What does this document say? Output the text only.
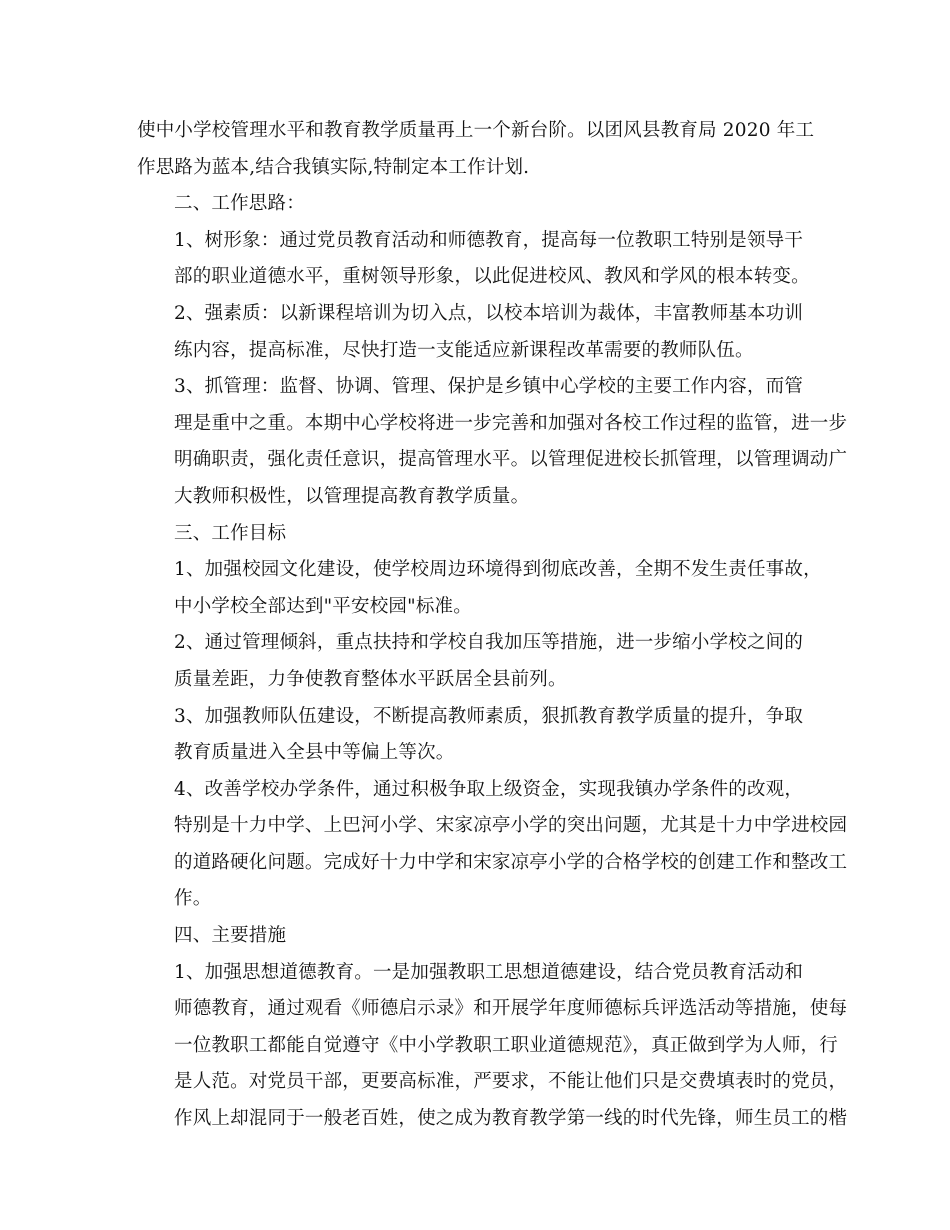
使中小学校管理水平和教育教学质量再上一个新台阶。以团风县教育局 2020 年工
作思路为蓝本,结合我镇实际,特制定本工作计划.

二、工作思路：

1、树形象：通过党员教育活动和师德教育，提高每一位教职工特别是领导干
部的职业道德水平，重树领导形象，以此促进校风、教风和学风的根本转变。

2、强素质：以新课程培训为切入点，以校本培训为裁体，丰富教师基本功训
练内容，提高标准，尽快打造一支能适应新课程改革需要的教师队伍。

3、抓管理：监督、协调、管理、保护是乡镇中心学校的主要工作内容，而管
理是重中之重。本期中心学校将进一步完善和加强对各校工作过程的监管，进一步
明确职责，强化责任意识，提高管理水平。以管理促进校长抓管理，以管理调动广
大教师积极性，以管理提高教育教学质量。

三、工作目标

1、加强校园文化建设，使学校周边环境得到彻底改善，全期不发生责任事故，
中小学校全部达到"平安校园"标准。

2、通过管理倾斜，重点扶持和学校自我加压等措施，进一步缩小学校之间的
质量差距，力争使教育整体水平跃居全县前列。

3、加强教师队伍建设，不断提高教师素质，狠抓教育教学质量的提升，争取
教育质量进入全县中等偏上等次。

4、改善学校办学条件，通过积极争取上级资金，实现我镇办学条件的改观，
特别是十力中学、上巴河小学、宋家凉亭小学的突出问题，尤其是十力中学进校园
的道路硬化问题。完成好十力中学和宋家凉亭小学的合格学校的创建工作和整改工
作。

四、主要措施

1、加强思想道德教育。一是加强教职工思想道德建设，结合党员教育活动和
师德教育，通过观看《师德启示录》和开展学年度师德标兵评选活动等措施，使每
一位教职工都能自觉遵守《中小学教职工职业道德规范》，真正做到学为人师，行
是人范。对党员干部，更要高标准，严要求，不能让他们只是交费填表时的党员，
作风上却混同于一般老百姓，使之成为教育教学第一线的时代先锋，师生员工的楷
